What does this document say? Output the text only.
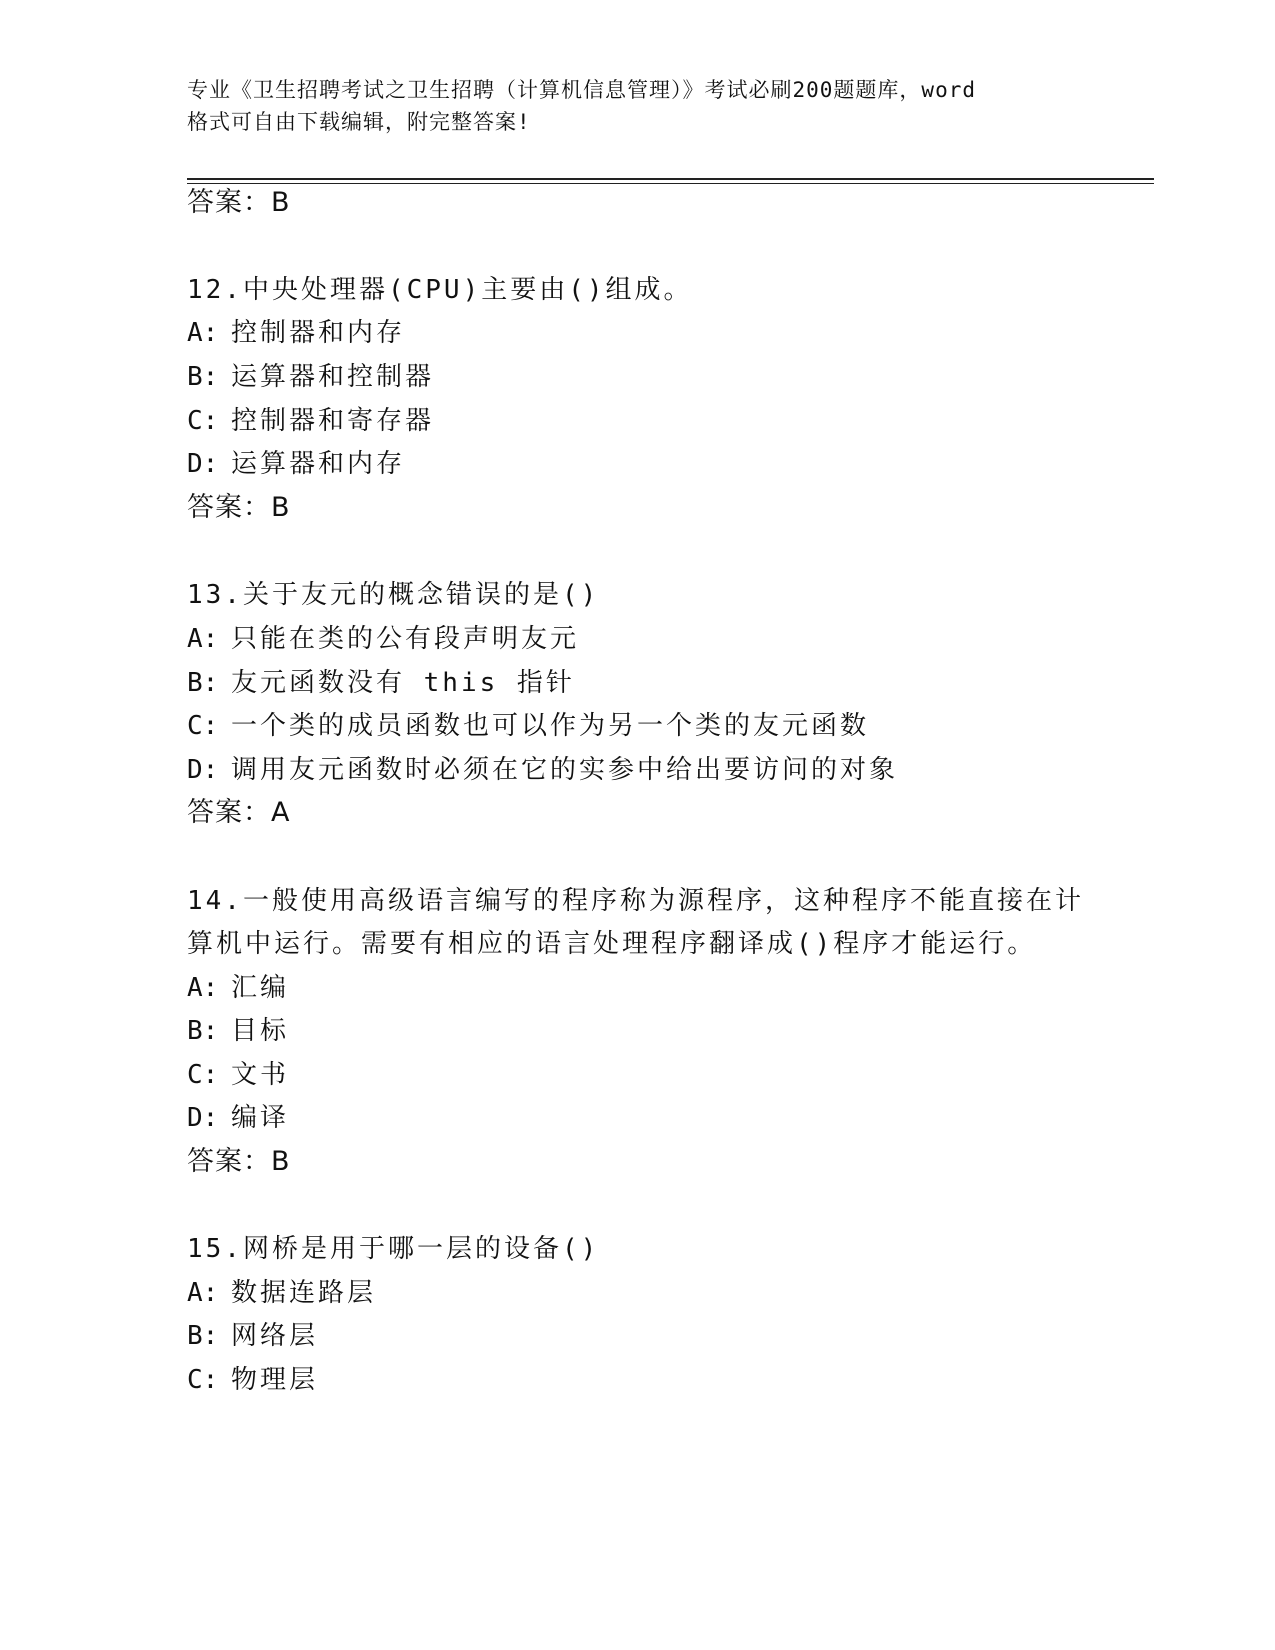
专业《卫生招聘考试之卫生招聘（计算机信息管理）》考试必刷200题题库，word
格式可自由下载编辑，附完整答案!
答案：B
12.中央处理器(CPU)主要由()组成。
A: 控制器和内存
B: 运算器和控制器
C: 控制器和寄存器
D: 运算器和内存
答案：B
13.关于友元的概念错误的是()
A: 只能在类的公有段声明友元
B: 友元函数没有 this 指针
C: 一个类的成员函数也可以作为另一个类的友元函数
D: 调用友元函数时必须在它的实参中给出要访问的对象
答案：A
14.一般使用高级语言编写的程序称为源程序，这种程序不能直接在计
算机中运行。需要有相应的语言处理程序翻译成()程序才能运行。
A: 汇编
B: 目标
C: 文书
D: 编译
答案：B
15.网桥是用于哪一层的设备()
A: 数据连路层
B: 网络层
C: 物理层
